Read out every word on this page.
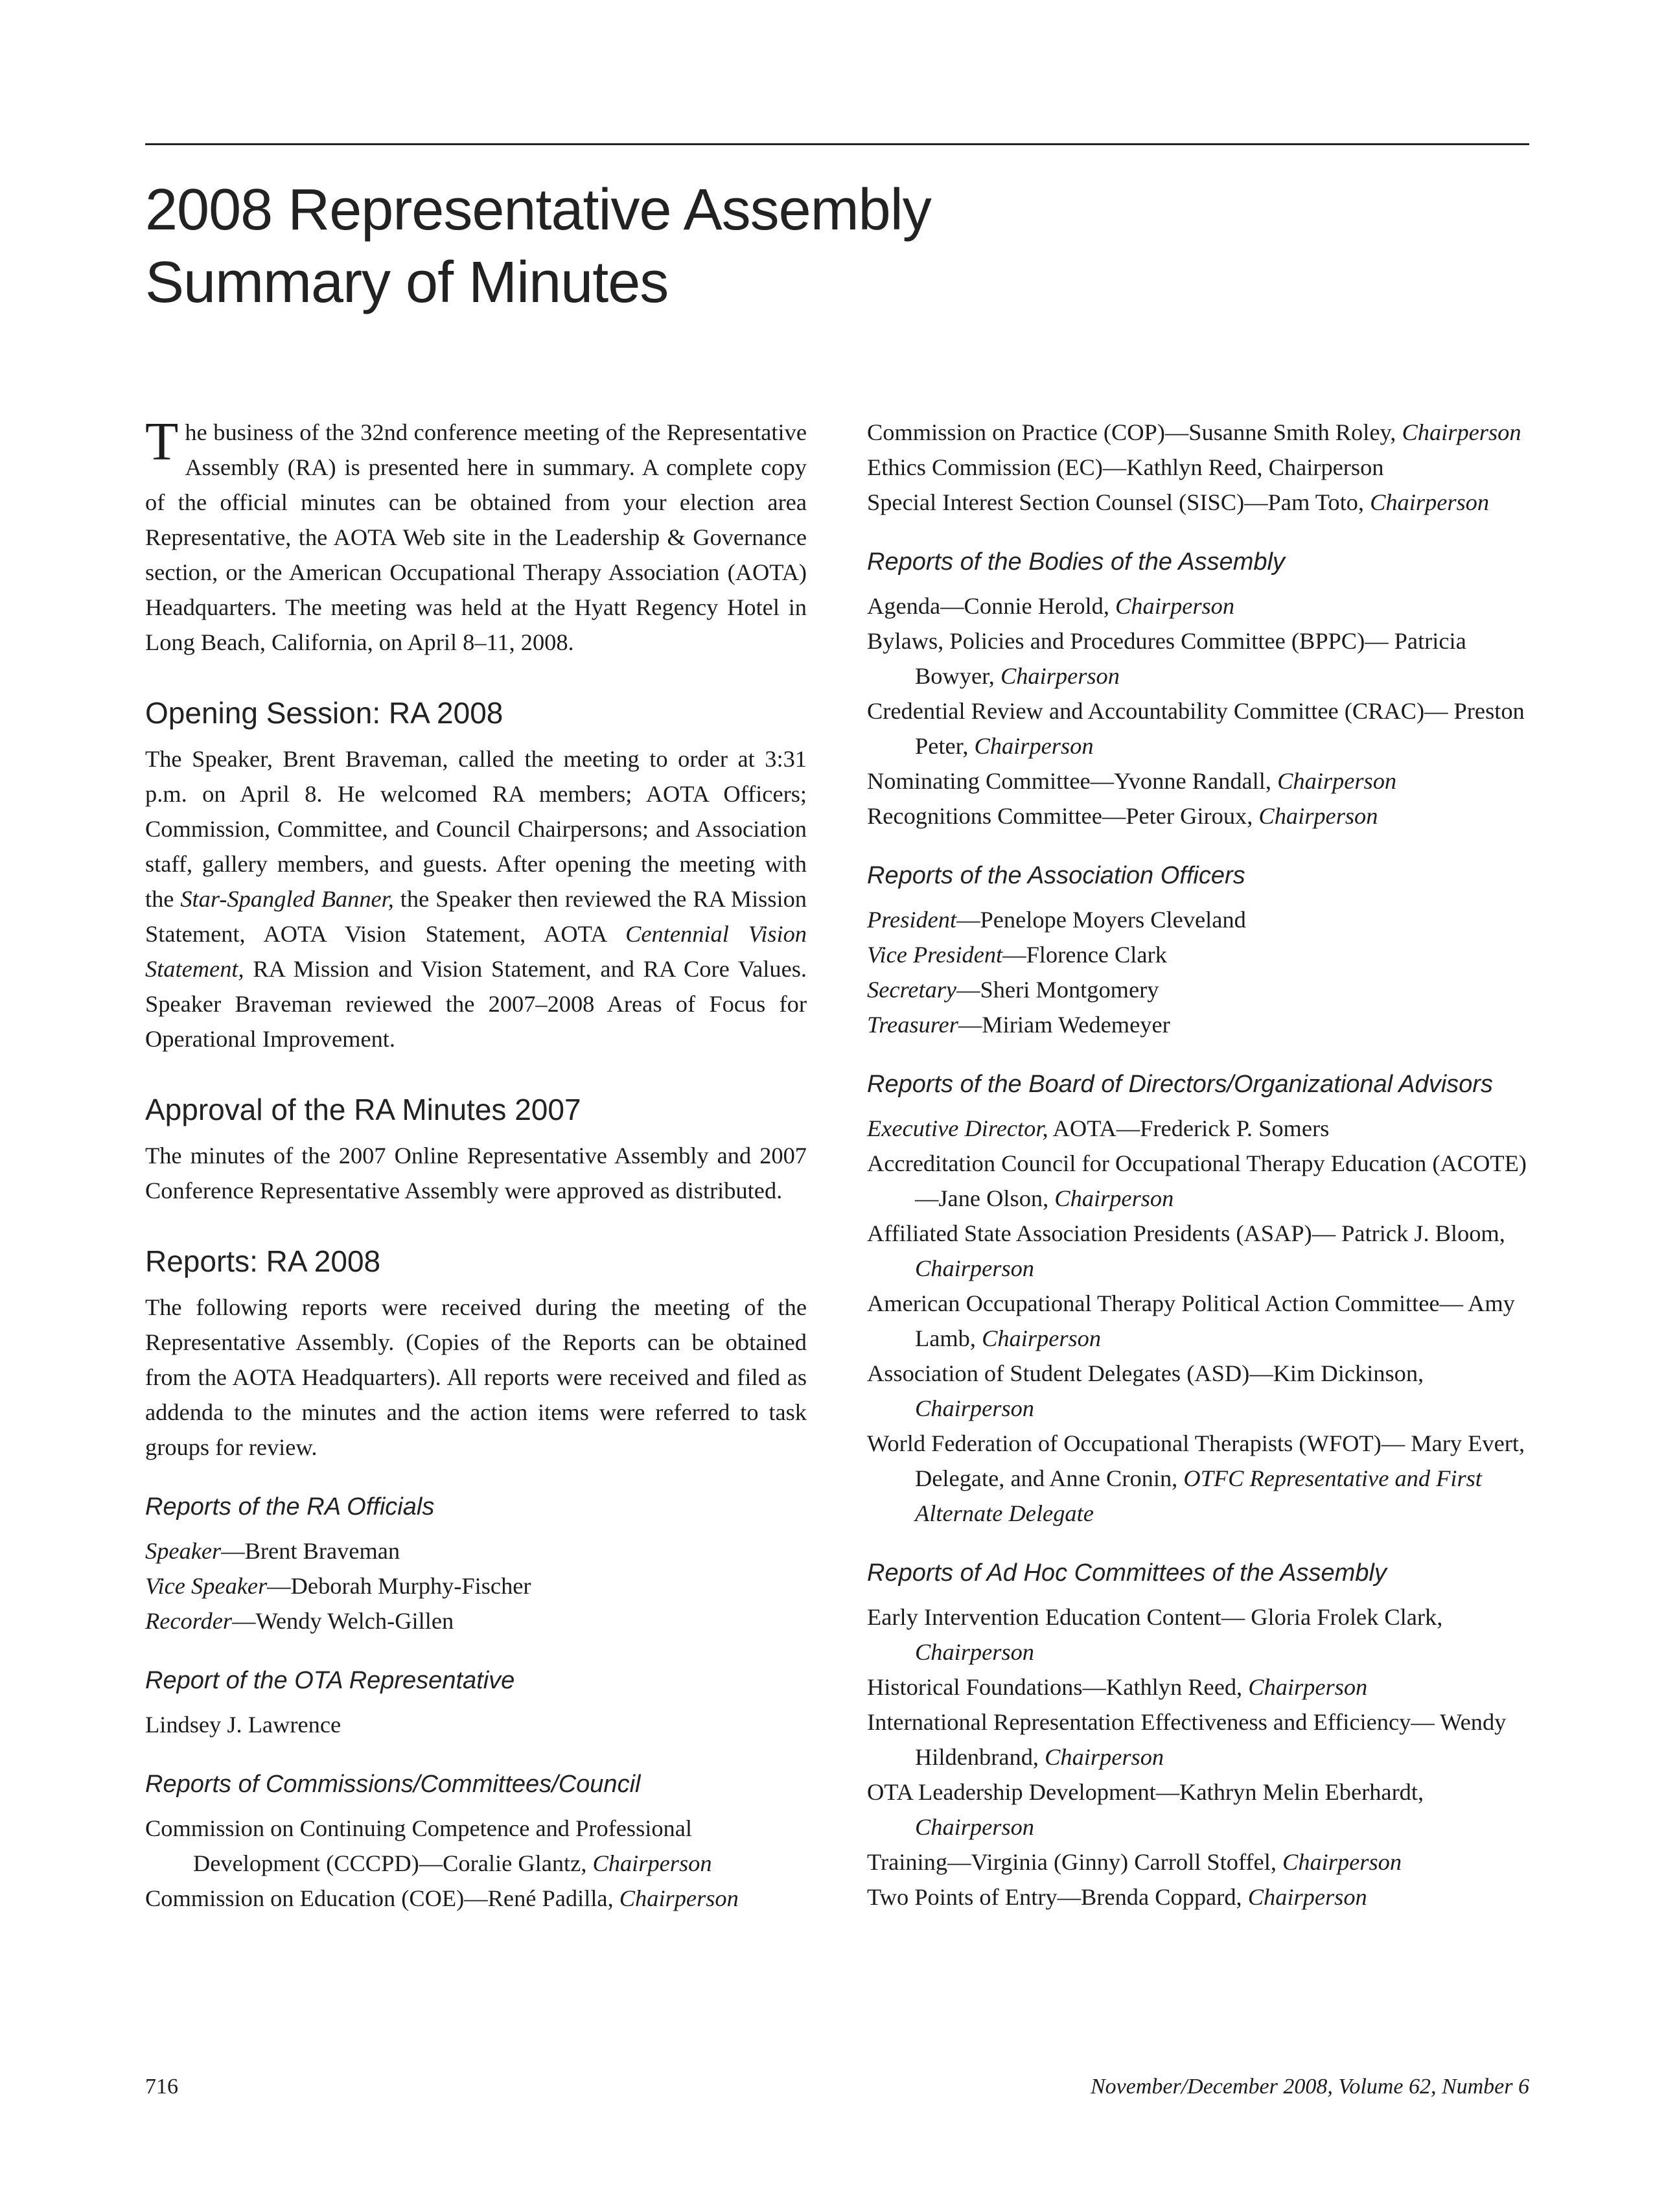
2008 Representative Assembly
Summary of Minutes

The business of the 32nd conference meeting of the Representative Assembly (RA) is presented here in summary. A complete copy of the official minutes can be obtained from your election area Representative, the AOTA Web site in the Leadership & Governance section, or the American Occupational Therapy Association (AOTA) Headquarters. The meeting was held at the Hyatt Regency Hotel in Long Beach, California, on April 8–11, 2008.

Opening Session: RA 2008

The Speaker, Brent Braveman, called the meeting to order at 3:31 p.m. on April 8. He welcomed RA members; AOTA Officers; Commission, Committee, and Council Chairpersons; and Association staff, gallery members, and guests. After opening the meeting with the Star-Spangled Banner, the Speaker then reviewed the RA Mission Statement, AOTA Vision Statement, AOTA Centennial Vision Statement, RA Mission and Vision Statement, and RA Core Values. Speaker Braveman reviewed the 2007–2008 Areas of Focus for Operational Improvement.

Approval of the RA Minutes 2007

The minutes of the 2007 Online Representative Assembly and 2007 Conference Representative Assembly were approved as distributed.

Reports: RA 2008

The following reports were received during the meeting of the Representative Assembly. (Copies of the Reports can be obtained from the AOTA Headquarters). All reports were received and filed as addenda to the minutes and the action items were referred to task groups for review.

Reports of the RA Officials
Speaker—Brent Braveman
Vice Speaker—Deborah Murphy-Fischer
Recorder—Wendy Welch-Gillen
Report of the OTA Representative
Lindsey J. Lawrence
Reports of Commissions/Committees/Council
Commission on Continuing Competence and Professional Development (CCCPD)—Coralie Glantz, Chairperson
Commission on Education (COE)—René Padilla, Chairperson
Commission on Practice (COP)—Susanne Smith Roley, Chairperson
Ethics Commission (EC)—Kathlyn Reed, Chairperson
Special Interest Section Counsel (SISC)—Pam Toto, Chairperson
Reports of the Bodies of the Assembly
Agenda—Connie Herold, Chairperson
Bylaws, Policies and Procedures Committee (BPPC)— Patricia Bowyer, Chairperson
Credential Review and Accountability Committee (CRAC)— Preston Peter, Chairperson
Nominating Committee—Yvonne Randall, Chairperson
Recognitions Committee—Peter Giroux, Chairperson
Reports of the Association Officers
President—Penelope Moyers Cleveland
Vice President—Florence Clark
Secretary—Sheri Montgomery
Treasurer—Miriam Wedemeyer
Reports of the Board of Directors/Organizational Advisors
Executive Director, AOTA—Frederick P. Somers
Accreditation Council for Occupational Therapy Education (ACOTE)—Jane Olson, Chairperson
Affiliated State Association Presidents (ASAP)— Patrick J. Bloom, Chairperson
American Occupational Therapy Political Action Committee— Amy Lamb, Chairperson
Association of Student Delegates (ASD)—Kim Dickinson, Chairperson
World Federation of Occupational Therapists (WFOT)— Mary Evert, Delegate, and Anne Cronin, OTFC Representative and First Alternate Delegate
Reports of Ad Hoc Committees of the Assembly
Early Intervention Education Content— Gloria Frolek Clark, Chairperson
Historical Foundations—Kathlyn Reed, Chairperson
International Representation Effectiveness and Efficiency— Wendy Hildenbrand, Chairperson
OTA Leadership Development—Kathryn Melin Eberhardt, Chairperson
Training—Virginia (Ginny) Carroll Stoffel, Chairperson
Two Points of Entry—Brenda Coppard, Chairperson
716	November/December 2008, Volume 62, Number 6
